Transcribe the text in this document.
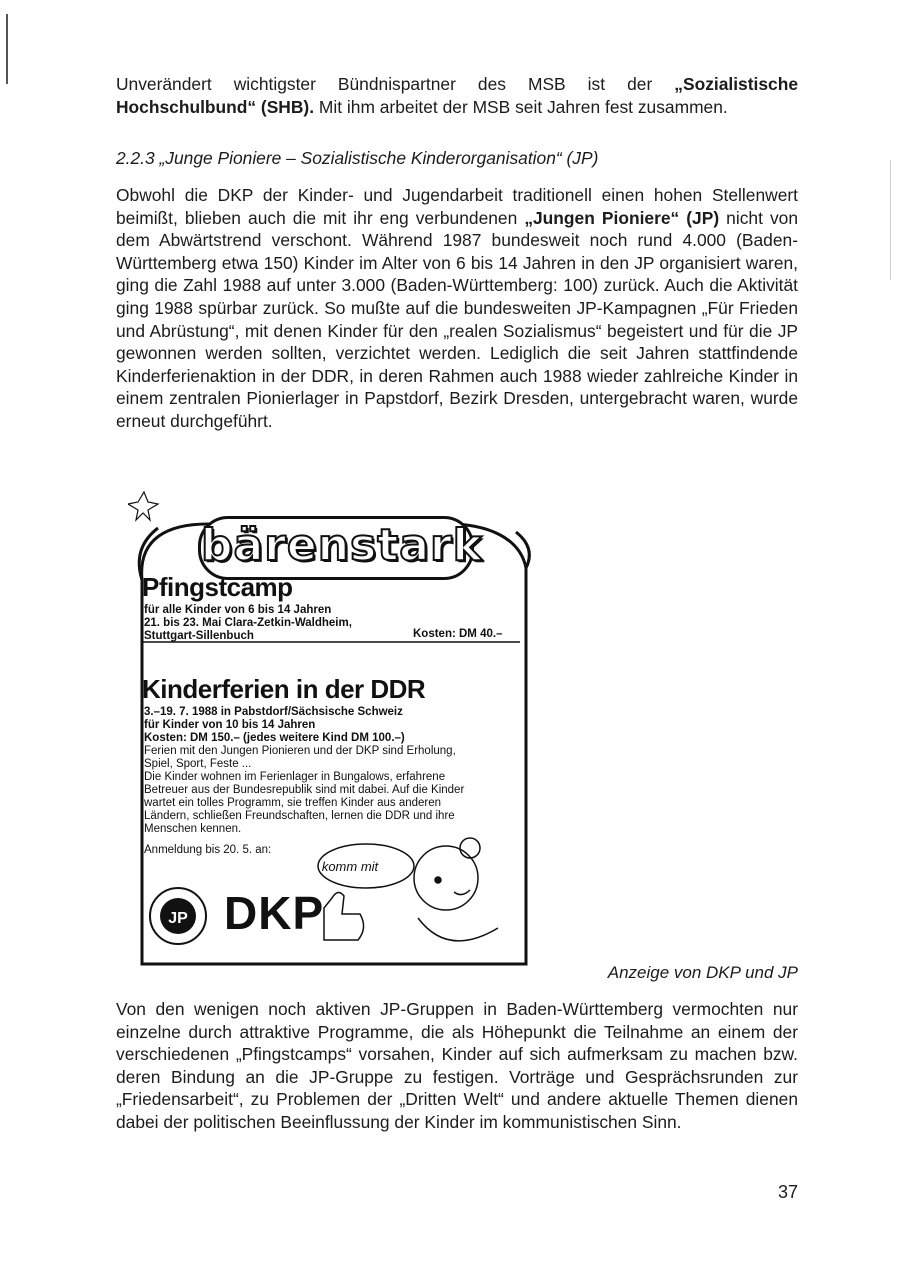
Unverändert wichtigster Bündnispartner des MSB ist der „Sozialistische Hochschulbund“ (SHB). Mit ihm arbeitet der MSB seit Jahren fest zusammen.

2.2.3 „Junge Pioniere – Sozialistische Kinderorganisation“ (JP)

Obwohl die DKP der Kinder- und Jugendarbeit traditionell einen hohen Stellenwert beimißt, blieben auch die mit ihr eng verbundenen „Jungen Pioniere“ (JP) nicht von dem Abwärtstrend verschont. Während 1987 bundesweit noch rund 4.000 (Baden-Württemberg etwa 150) Kinder im Alter von 6 bis 14 Jahren in den JP organisiert waren, ging die Zahl 1988 auf unter 3.000 (Baden-Württemberg: 100) zurück. Auch die Aktivität ging 1988 spürbar zurück. So mußte auf die bundesweiten JP-Kampagnen „Für Frieden und Abrüstung“, mit denen Kinder für den „realen Sozialismus“ begeistert und für die JP gewonnen werden sollten, verzichtet werden. Lediglich die seit Jahren stattfindende Kinderferienaktion in der DDR, in deren Rahmen auch 1988 wieder zahlreiche Kinder in einem zentralen Pionierlager in Papstdorf, Bezirk Dresden, untergebracht waren, wurde erneut durchgeführt.

JP
komm mit
bärenstark
Pfingstcamp
für alle Kinder von 6 bis 14 Jahren
21. bis 23. Mai Clara-Zetkin-Waldheim,
Stuttgart-Sillenbuch	Kosten: DM 40.–
Kinderferien in der DDR
3.–19. 7. 1988 in Pabstdorf/Sächsische Schweiz
für Kinder von 10 bis 14 Jahren
Kosten: DM 150.– (jedes weitere Kind DM 100.–)
Ferien mit den Jungen Pionieren und der DKP sind Erholung,
Spiel, Sport, Feste ...
Die Kinder wohnen im Ferienlager in Bungalows, erfahrene
Betreuer aus der Bundesrepublik sind mit dabei. Auf die Kinder
wartet ein tolles Programm, sie treffen Kinder aus anderen
Ländern, schließen Freundschaften, lernen die DDR und ihre
Menschen kennen.
Anmeldung bis 20. 5. an:
DKP
Anzeige von DKP und JP

Von den wenigen noch aktiven JP-Gruppen in Baden-Württemberg vermochten nur einzelne durch attraktive Programme, die als Höhepunkt die Teilnahme an einem der verschiedenen „Pfingstcamps“ vorsahen, Kinder auf sich aufmerksam zu machen bzw. deren Bindung an die JP-Gruppe zu festigen. Vorträge und Gesprächsrunden zur „Friedensarbeit“, zu Problemen der „Dritten Welt“ und andere aktuelle Themen dienen dabei der politischen Beeinflussung der Kinder im kommunistischen Sinn.

37
